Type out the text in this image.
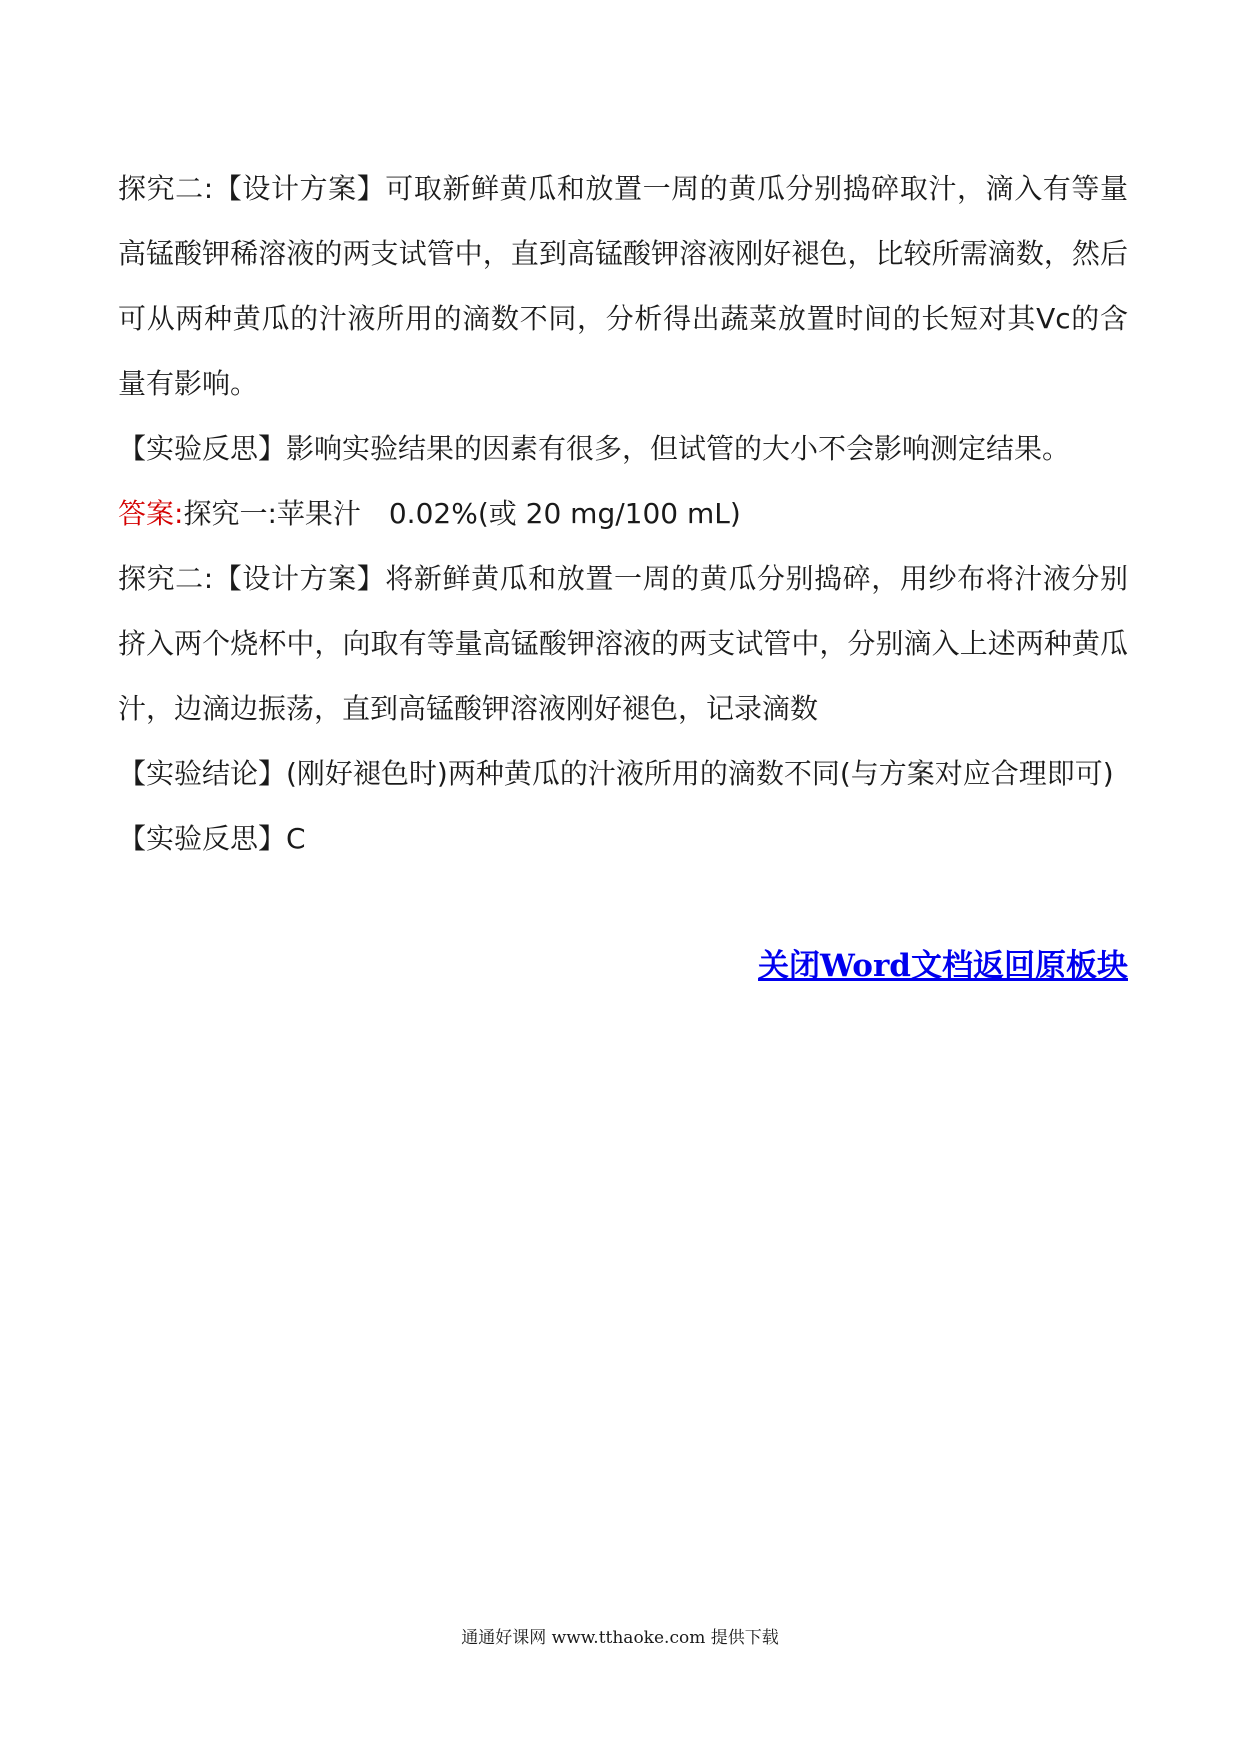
探究二:【设计方案】可取新鲜黄瓜和放置一周的黄瓜分别捣碎取汁，滴入有等量高锰酸钾稀溶液的两支试管中，直到高锰酸钾溶液刚好褪色，比较所需滴数，然后可从两种黄瓜的汁液所用的滴数不同，分析得出蔬菜放置时间的长短对其Vc的含量有影响。

【实验反思】影响实验结果的因素有很多，但试管的大小不会影响测定结果。

答案:探究一:苹果汁　0.02%(或 20 mg/100 mL)

探究二:【设计方案】将新鲜黄瓜和放置一周的黄瓜分别捣碎，用纱布将汁液分别挤入两个烧杯中，向取有等量高锰酸钾溶液的两支试管中，分别滴入上述两种黄瓜汁，边滴边振荡，直到高锰酸钾溶液刚好褪色，记录滴数

【实验结论】(刚好褪色时)两种黄瓜的汁液所用的滴数不同(与方案对应合理即可)

【实验反思】C

关闭Word文档返回原板块
通通好课网 www.tthaoke.com 提供下载
